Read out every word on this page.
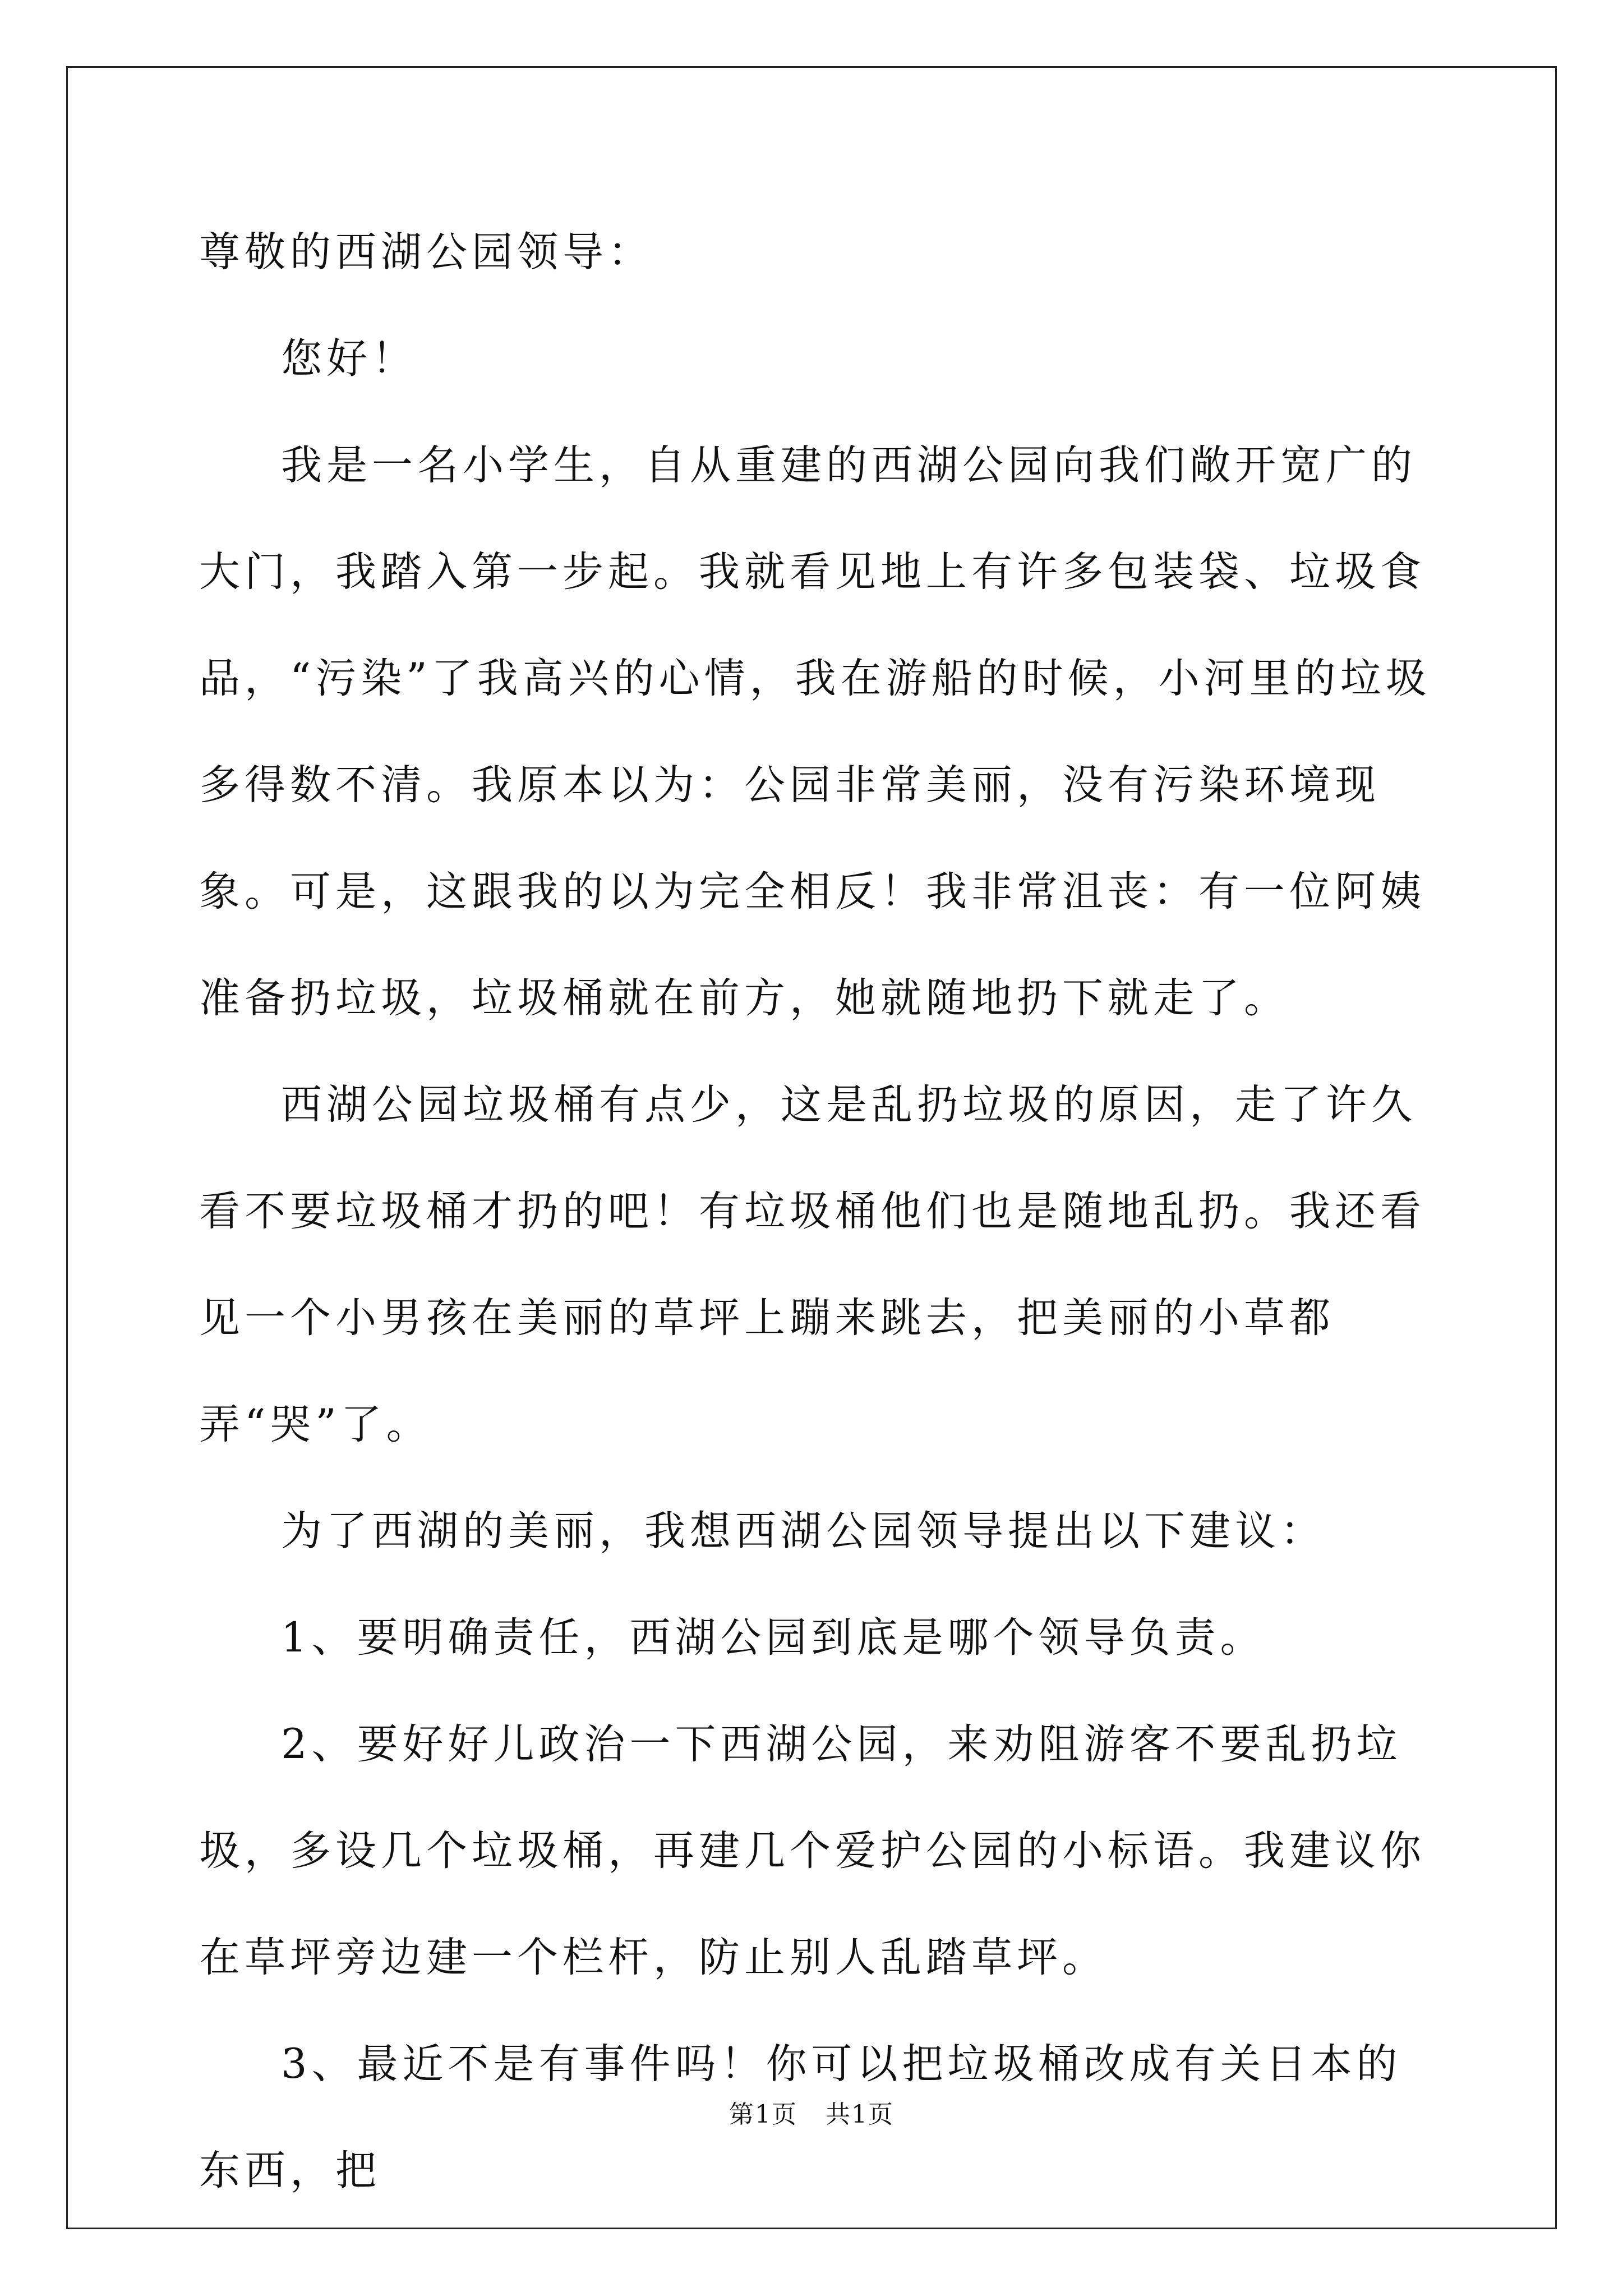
尊敬的西湖公园领导：

您好！

我是一名小学生，自从重建的西湖公园向我们敞开宽广的大门，我踏入第一步起。我就看见地上有许多包装袋、垃圾食品，“污染”了我高兴的心情，我在游船的时候，小河里的垃圾多得数不清。我原本以为：公园非常美丽，没有污染环境现象。可是，这跟我的以为完全相反！我非常沮丧：有一位阿姨准备扔垃圾，垃圾桶就在前方，她就随地扔下就走了。

西湖公园垃圾桶有点少，这是乱扔垃圾的原因，走了许久看不要垃圾桶才扔的吧！有垃圾桶他们也是随地乱扔。我还看见一个小男孩在美丽的草坪上蹦来跳去，把美丽的小草都弄“哭”了。

为了西湖的美丽，我想西湖公园领导提出以下建议：

1、要明确责任，西湖公园到底是哪个领导负责。

2、要好好儿政治一下西湖公园，来劝阻游客不要乱扔垃圾，多设几个垃圾桶，再建几个爱护公园的小标语。我建议你在草坪旁边建一个栏杆，防止别人乱踏草坪。

3、最近不是有事件吗！你可以把垃圾桶改成有关日本的东西，把

第1页 共1页
